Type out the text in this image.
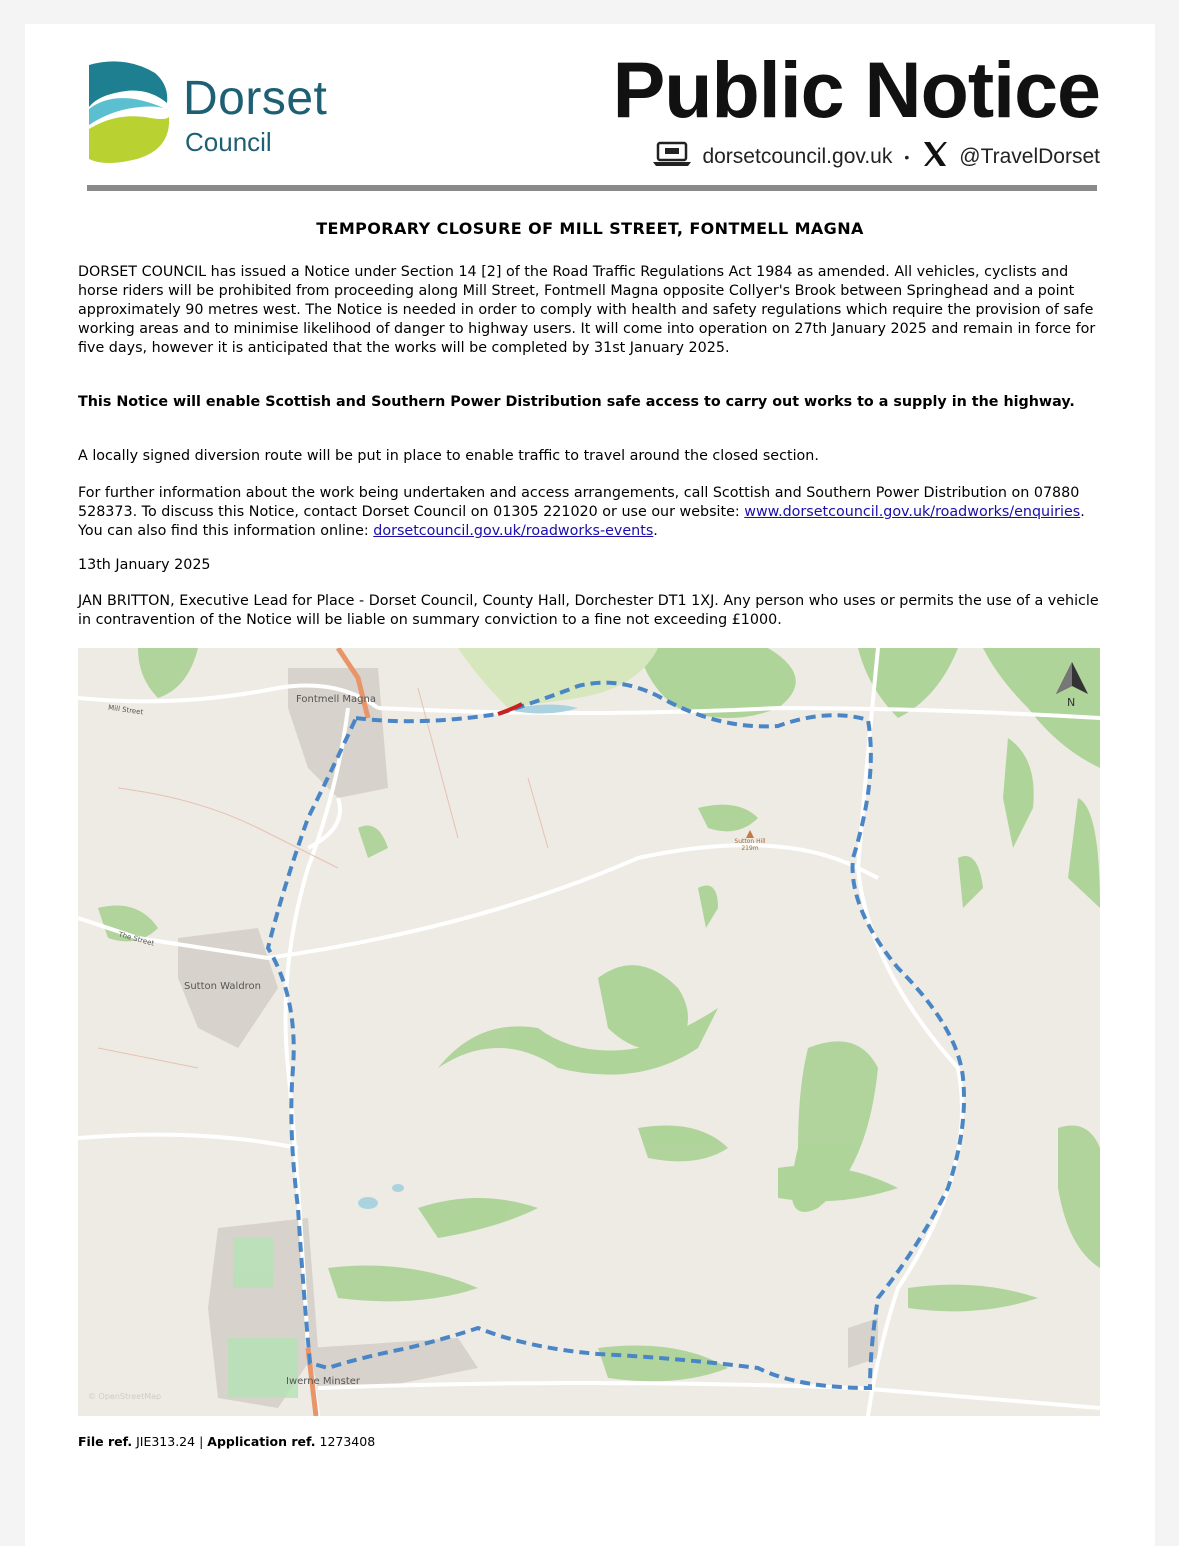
Dorset
Council
Public Notice
dorsetcouncil.gov.uk • @TravelDorset
TEMPORARY CLOSURE OF MILL STREET, FONTMELL MAGNA
DORSET COUNCIL has issued a Notice under Section 14 [2] of the Road Traffic Regulations Act 1984 as amended. All vehicles, cyclists and horse riders will be prohibited from proceeding along Mill Street, Fontmell Magna opposite Collyer's Brook between Springhead and a point approximately 90 metres west. The Notice is needed in order to comply with health and safety regulations which require the provision of safe working areas and to minimise likelihood of danger to highway users. It will come into operation on 27th January 2025 and remain in force for five days, however it is anticipated that the works will be completed by 31st January 2025.
This Notice will enable Scottish and Southern Power Distribution safe access to carry out works to a supply in the highway.
A locally signed diversion route will be put in place to enable traffic to travel around the closed section.
For further information about the work being undertaken and access arrangements, call Scottish and Southern Power Distribution on 07880 528373. To discuss this Notice, contact Dorset Council on 01305 221020 or use our website: www.dorsetcouncil.gov.uk/roadworks/enquiries. You can also find this information online: dorsetcouncil.gov.uk/roadworks-events.
13th January 2025
JAN BRITTON, Executive Lead for Place - Dorset Council, County Hall, Dorchester DT1 1XJ. Any person who uses or permits the use of a vehicle in contravention of the Notice will be liable on summary conviction to a fine not exceeding £1000.
Fontmell Magna
Mill Street
Sutton Waldron
Iwerne Minster
Sutton Hill 219m
The Street
N
© OpenStreetMap
File ref. JIE313.24 | Application ref. 1273408
